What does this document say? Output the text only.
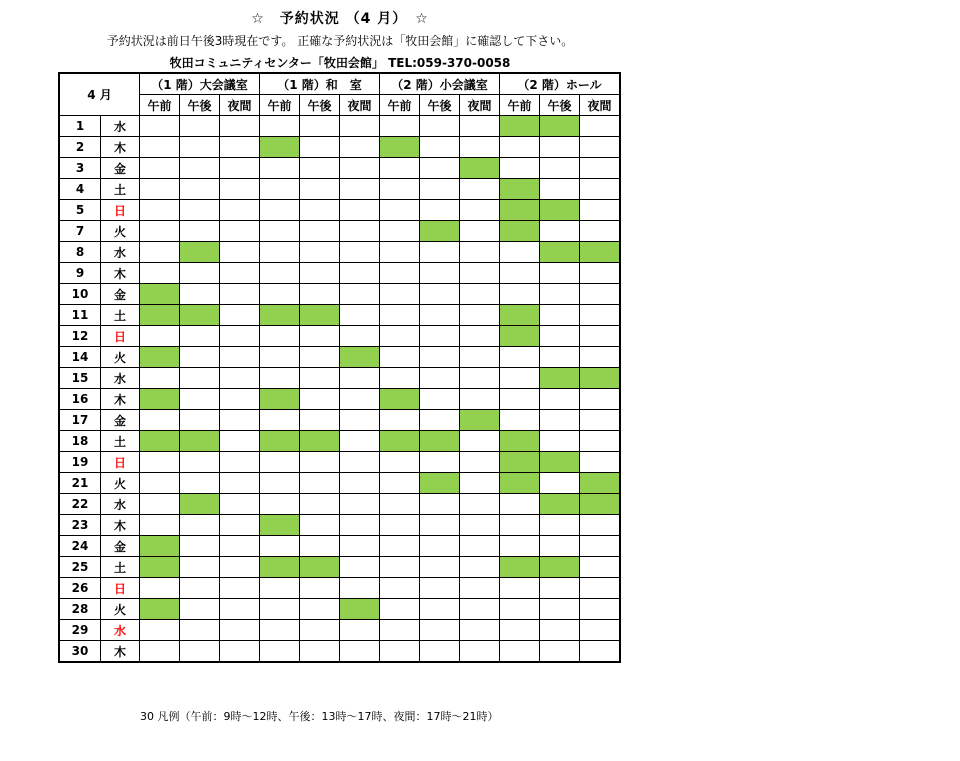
☆　予約状況 （4 月）　☆
予約状況は前日午後3時現在です。 正確な予約状況は「牧田会館」に確認して下さい。
牧田コミュニティセンター「牧田会館」 TEL:059-370-0058
4 月		（1 階）大会議室			（1 階）和　室			（2 階）小会議室			（2 階）ホール		
		午前	午後	夜間	午前	午後	夜間	午前	午後	夜間	午前	午後	夜間
1	水												
2	木												
3	金												
4	土												
5	日												
7	火												
8	水												
9	木												
10	金												
11	土												
12	日												
14	火												
15	水												
16	木												
17	金												
18	土												
19	日												
21	火												
22	水												
23	木												
24	金												
25	土												
26	日												
28	火												
29	水												
30	木												
30 凡例（午前：9時～12時、午後：13時～17時、夜間：17時～21時）
